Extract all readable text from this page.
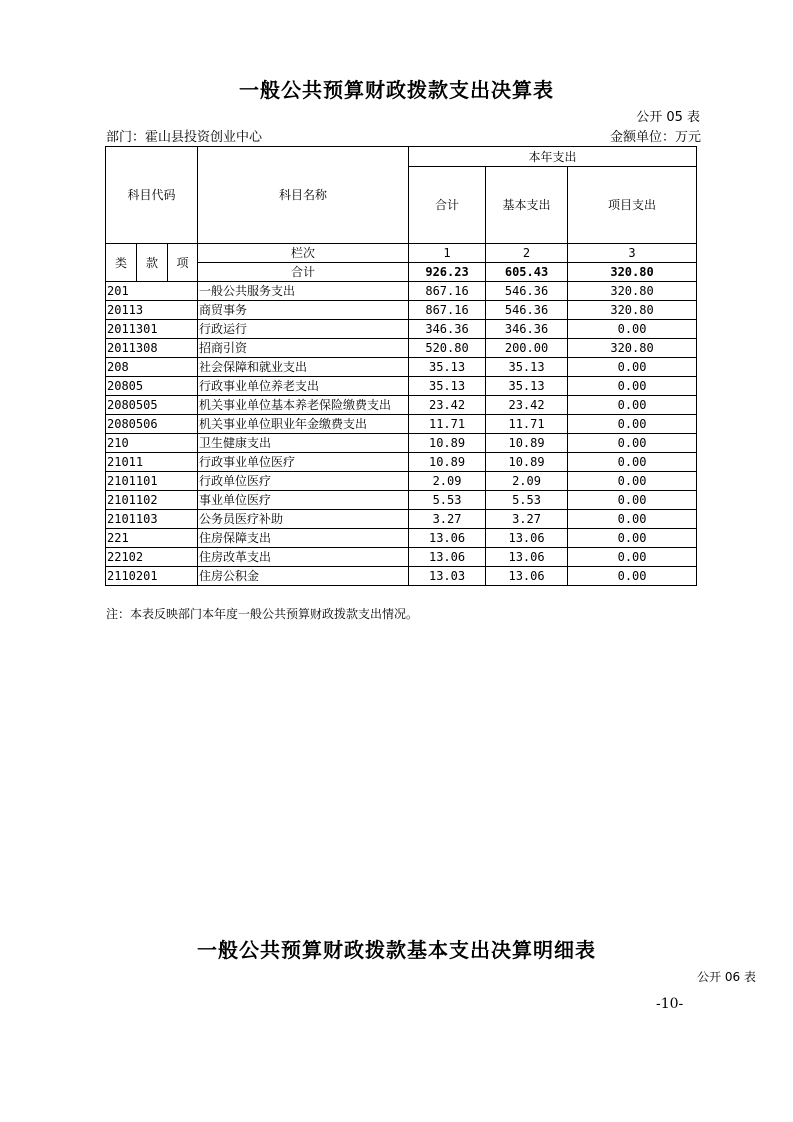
一般公共预算财政拨款支出决算表
公开 05 表
部门：霍山县投资创业中心	金额单位：万元
科目代码			科目名称	本年支出		
				合计	基本支出	项目支出

类	款	项	栏次	1	2	3
			合计	926.23	605.43	320.80
201			一般公共服务支出	867.16	546.36	320.80
20113			商贸事务	867.16	546.36	320.80
2011301			行政运行	346.36	346.36	0.00
2011308			招商引资	520.80	200.00	320.80
208			社会保障和就业支出	35.13	35.13	0.00
20805			行政事业单位养老支出	35.13	35.13	0.00
2080505			机关事业单位基本养老保险缴费支出	23.42	23.42	0.00
2080506			机关事业单位职业年金缴费支出	11.71	11.71	0.00
210			卫生健康支出	10.89	10.89	0.00
21011			行政事业单位医疗	10.89	10.89	0.00
2101101			行政单位医疗	2.09	2.09	0.00
2101102			事业单位医疗	5.53	5.53	0.00
2101103			公务员医疗补助	3.27	3.27	0.00
221			住房保障支出	13.06	13.06	0.00
22102			住房改革支出	13.06	13.06	0.00
2110201			住房公积金	13.03	13.06	0.00
注：本表反映部门本年度一般公共预算财政拨款支出情况。
一般公共预算财政拨款基本支出决算明细表
公开 06 表
-10-
